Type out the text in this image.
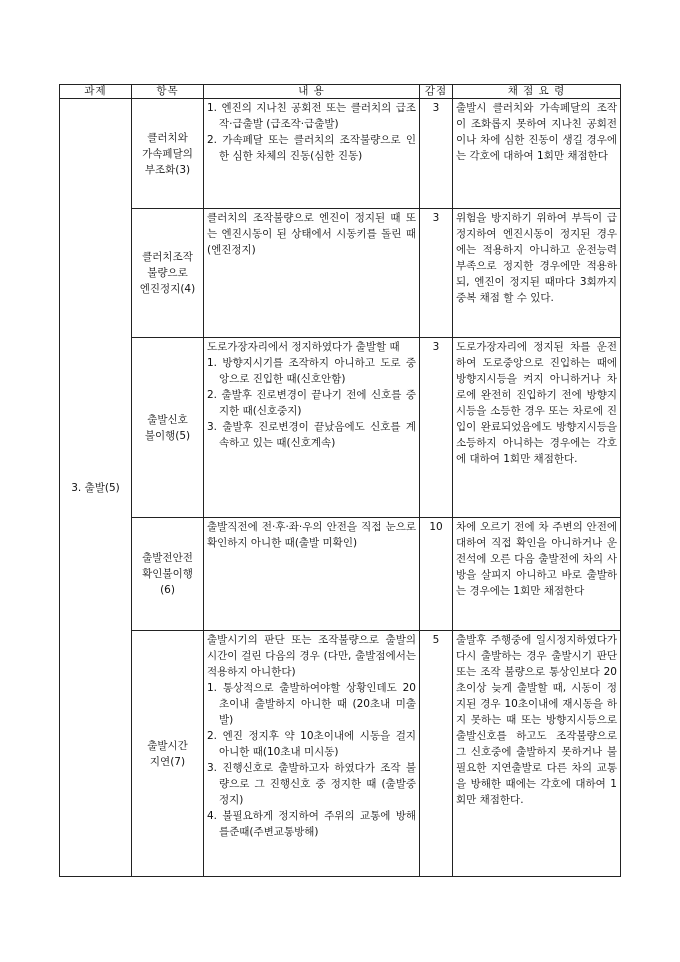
과제	항목	내 용	감점	채 점 요 령
3. 출발(5)	클러치와
가속페달의
부조화(3)	1. 엔진의 지나친 공회전 또는 클러치의 급조작·급출발 (급조작·급출발)
2. 가속페달 또는 클러치의 조작불량으로 인한 심한 차체의 진동(심한 진동)	3	출발시 클러치와 가속페달의 조작이 조화롭지 못하여 지나친 공회전이나 차에 심한 진동이 생길 경우에는 각호에 대하여 1회만 채점한다

	클러치조작
불량으로
엔진정지(4)	클러치의 조작불량으로 엔진이 정지된 때 또는 엔진시동이 된 상태에서 시동키를 돌린 때(엔진정지)	3	위험을 방지하기 위하여 부득이 급정지하여 엔진시동이 정지된 경우에는 적용하지 아니하고 운전능력 부족으로 정지한 경우에만 적용하되, 엔진이 정지된 때마다 3회까지 중복 채점 할 수 있다.

	출발신호
불이행(5)	도로가장자리에서 정지하였다가 출발할 때
1. 방향지시기를 조작하지 아니하고 도로 중앙으로 진입한 때(신호안함)
2. 출발후 진로변경이 끝나기 전에 신호를 중지한 때(신호중지)
3. 출발후 진로변경이 끝났음에도 신호를 계속하고 있는 때(신호계속)	3	도로가장자리에 정지된 차를 운전하여 도로중앙으로 진입하는 때에 방향지시등을 켜지 아니하거나 차로에 완전히 진입하기 전에 방향지시등을 소등한 경우 또는 차로에 진입이 완료되었음에도 방향지시등을 소등하지 아니하는 경우에는 각호에 대하여 1회만 채점한다.

	출발전안전
확인불이행
(6)	출발직전에 전·후·좌·우의 안전을 직접 눈으로 확인하지 아니한 때(출발 미확인)	10	차에 오르기 전에 차 주변의 안전에 대하여 직접 확인을 아니하거나 운전석에 오른 다음 출발전에 차의 사방을 살피지 아니하고 바로 출발하는 경우에는 1회만 채점한다

	출발시간
지연(7)	출발시기의 판단 또는 조작불량으로 출발의 시간이 걸린 다음의 경우 (다만, 출발점에서는 적용하지 아니한다)
1. 통상적으로 출발하여야할 상황인데도 20 초이내 출발하지 아니한 때 (20초내 미출발)
2. 엔진 정지후 약 10초이내에 시동을 걸지 아니한 때(10초내 미시동)
3. 진행신호로 출발하고자 하였다가 조작 불량으로 그 진행신호 중 정지한 때 (출발중 정지)
4. 불필요하게 정지하여 주위의 교통에 방해를준때(주변교통방해)	5	출발후 주행중에 일시정지하였다가 다시 출발하는 경우 출발시기 판단 또는 조작 불량으로 통상인보다 20초이상 늦게 출발할 때, 시동이 정지된 경우 10초이내에 재시동을 하지 못하는 때 또는 방향지시등으로 출발신호를 하고도 조작불량으로 그 신호중에 출발하지 못하거나 불필요한 지연출발로 다른 차의 교통을 방해한 때에는 각호에 대하여 1회만 채점한다.
